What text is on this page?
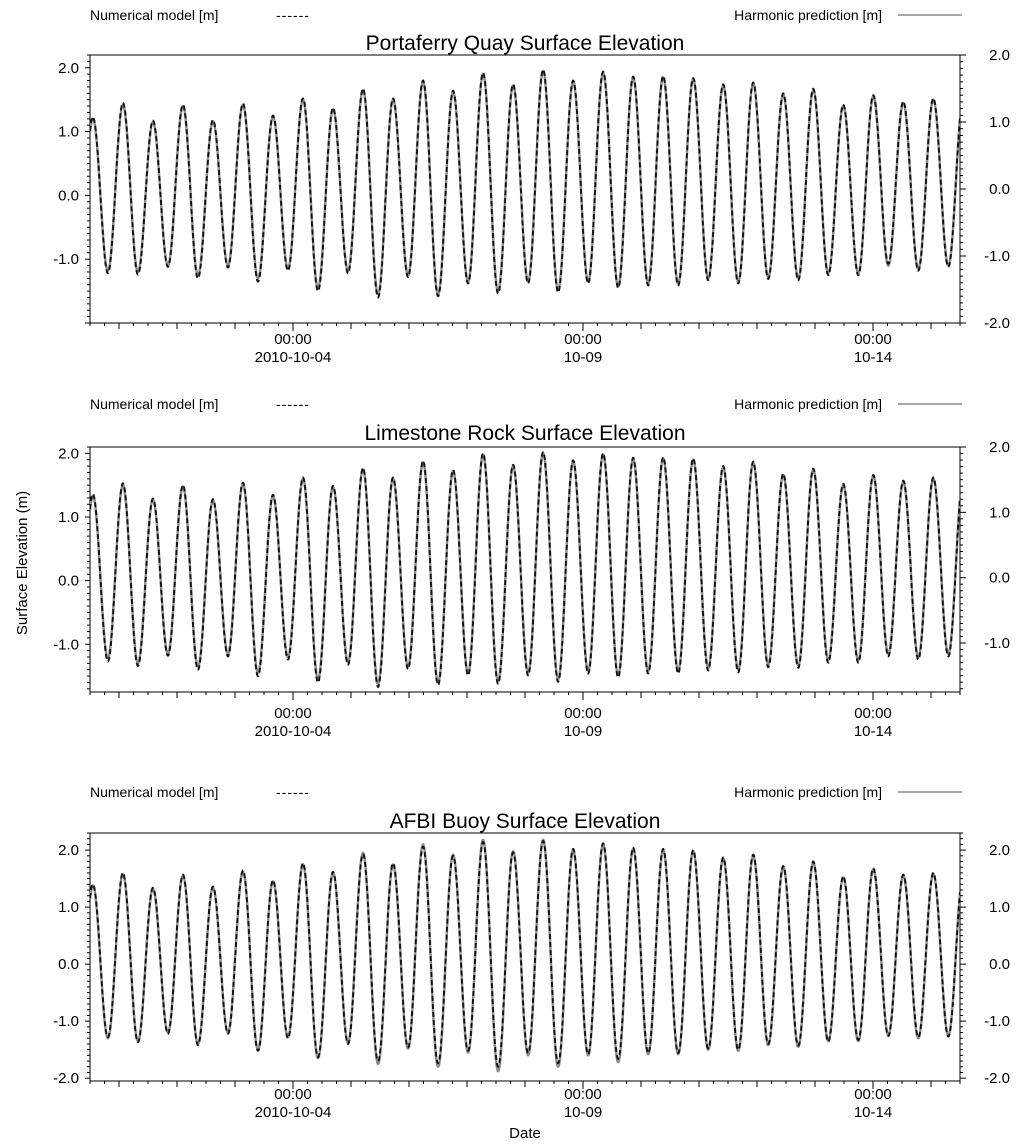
Surface Elevation (m)
Date
Numerical model [m]	------	Harmonic prediction [m]
Portaferry Quay Surface Elevation
2.0
1.0
0.0
-1.0
2.0
1.0
0.0
-1.0
-2.0
00:00
2010-10-04
00:00
10-09
00:00
10-14
Numerical model [m]	------	Harmonic prediction [m]
Limestone Rock Surface Elevation
2.0
1.0
0.0
-1.0
2.0
1.0
0.0
-1.0
00:00
2010-10-04
00:00
10-09
00:00
10-14
Numerical model [m]	------	Harmonic prediction [m]
AFBI Buoy Surface Elevation
2.0
1.0
0.0
-1.0
-2.0
2.0
1.0
0.0
-1.0
-2.0
00:00
2010-10-04
00:00
10-09
00:00
10-14
